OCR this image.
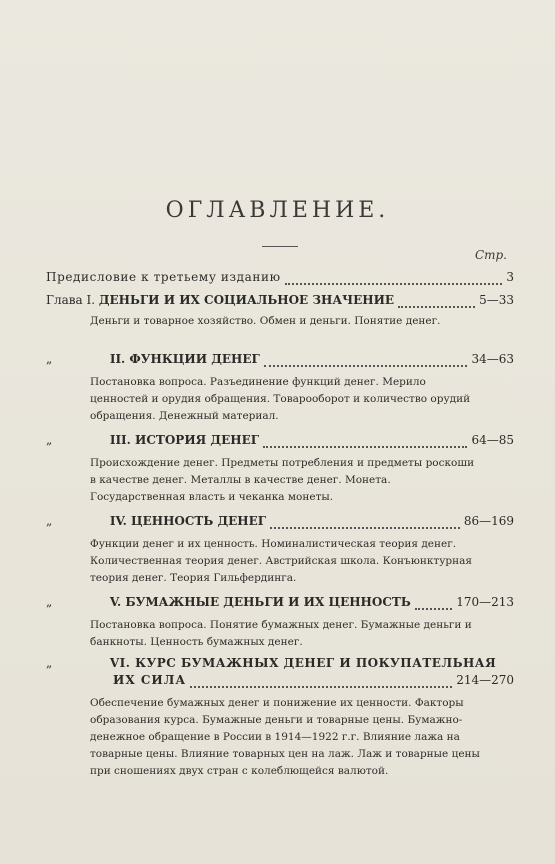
ОГЛАВЛЕНИЕ.
Стр.
Предисловие к третьему изданию	3
Глава I. ДЕНЬГИ И ИХ СОЦИАЛЬНОЕ ЗНАЧЕНИЕ	5—33
Деньги и товарное хозяйство. Обмен и деньги. Понятие денег.
„	II. ФУНКЦИИ ДЕНЕГ	34—63
Постановка вопроса. Разъединение функций денег. Мерило ценностей и орудия обращения. Товарооборот и количество орудий обращения. Денежный материал.
„	III. ИСТОРИЯ ДЕНЕГ	64—85
Происхождение денег. Предметы потребления и предметы роскоши в качестве денег. Металлы в качестве денег. Монета. Государственная власть и чеканка монеты.
„	IV. ЦЕННОСТЬ ДЕНЕГ	86—169
Функции денег и их ценность. Номиналистическая теория денег. Количественная теория денег. Австрийская школа. Конъюнктурная теория денег. Теория Гильфердинга.
„	V. БУМАЖНЫЕ ДЕНЬГИ И ИХ ЦЕННОСТЬ	170—213
Постановка вопроса. Понятие бумажных денег. Бумажные деньги и банкноты. Ценность бумажных денег.
„	VI. КУРС БУМАЖНЫХ ДЕНЕГ И ПОКУПАТЕЛЬНАЯ
ИХ СИЛА	214—270
Обеспечение бумажных денег и понижение их ценности. Факторы образования курса. Бумажные деньги и товарные цены. Бумажно-денежное обращение в России в 1914—1922 г.г. Влияние лажа на товарные цены. Влияние товарных цен на лаж. Лаж и товарные цены при сношениях двух стран с колеблющейся валютой.
